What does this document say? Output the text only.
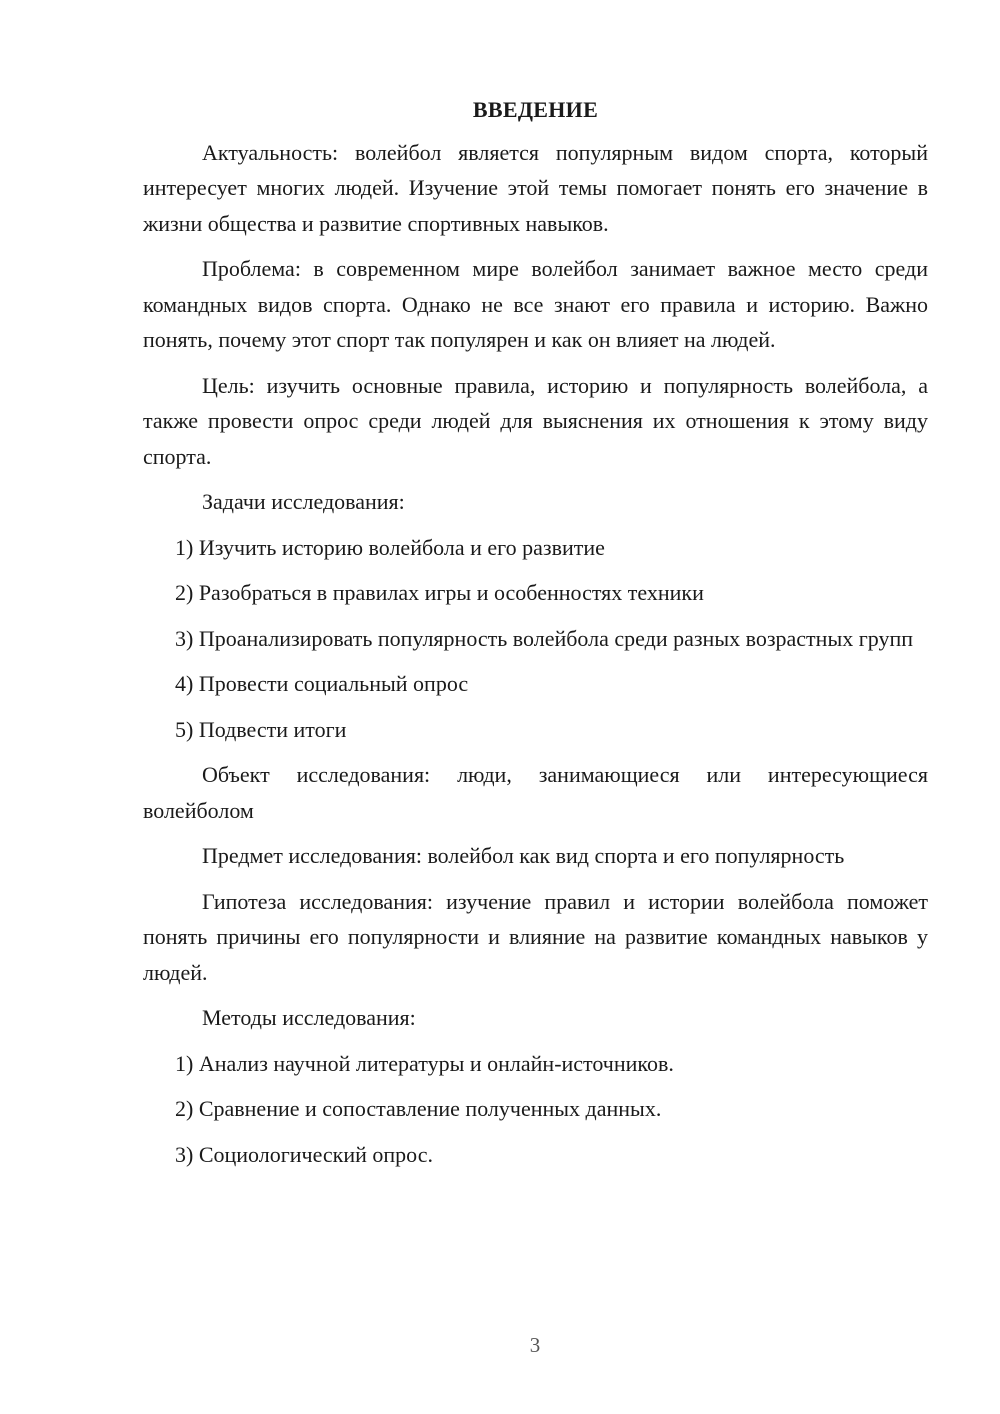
ВВЕДЕНИЕ

Актуальность: волейбол является популярным видом спорта, который интересует многих людей. Изучение этой темы помогает понять его значение в жизни общества и развитие спортивных навыков.

Проблема: в современном мире волейбол занимает важное место среди командных видов спорта. Однако не все знают его правила и историю. Важно понять, почему этот спорт так популярен и как он влияет на людей.

Цель: изучить основные правила, историю и популярность волейбола, а также провести опрос среди людей для выяснения их отношения к этому виду спорта.

Задачи исследования:

1) Изучить историю волейбола и его развитие

2) Разобраться в правилах игры и особенностях техники

3) Проанализировать популярность волейбола среди разных возрастных групп

4) Провести социальный опрос

5) Подвести итоги

Объект исследования: люди, занимающиеся или интересующиеся волейболом

Предмет исследования: волейбол как вид спорта и его популярность

Гипотеза исследования: изучение правил и истории волейбола поможет понять причины его популярности и влияние на развитие командных навыков у людей.

Методы исследования:

1) Анализ научной литературы и онлайн-источников.

2) Сравнение и сопоставление полученных данных.

3) Социологический опрос.

3
